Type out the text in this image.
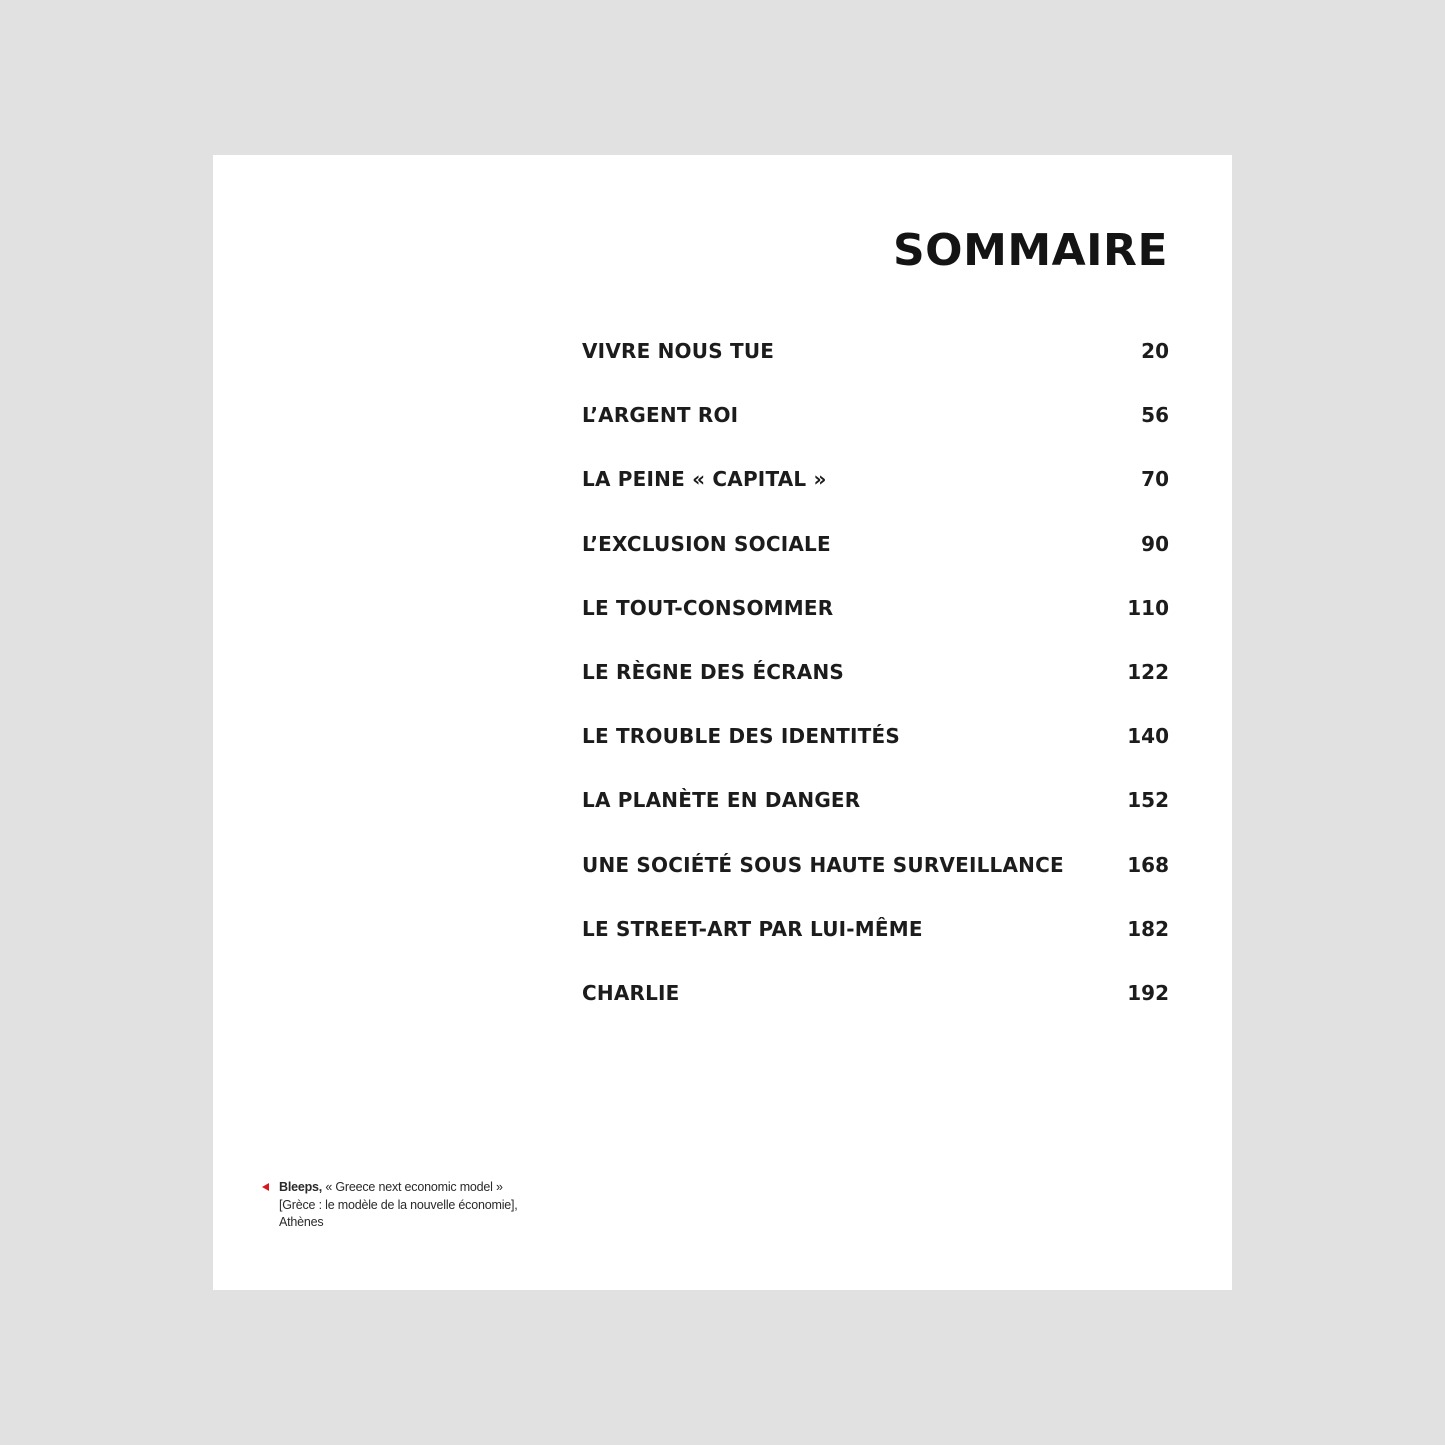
SOMMAIRE
VIVRE NOUS TUE	20
L’ARGENT ROI	56
LA PEINE « CAPITAL »	70
L’EXCLUSION SOCIALE	90
LE TOUT-CONSOMMER	110
LE RÈGNE DES ÉCRANS	122
LE TROUBLE DES IDENTITÉS	140
LA PLANÈTE EN DANGER	152
UNE SOCIÉTÉ SOUS HAUTE SURVEILLANCE	168
LE STREET-ART PAR LUI-MÊME	182
CHARLIE	192
Bleeps, « Greece next economic model »
[Grèce : le modèle de la nouvelle économie],
Athènes
